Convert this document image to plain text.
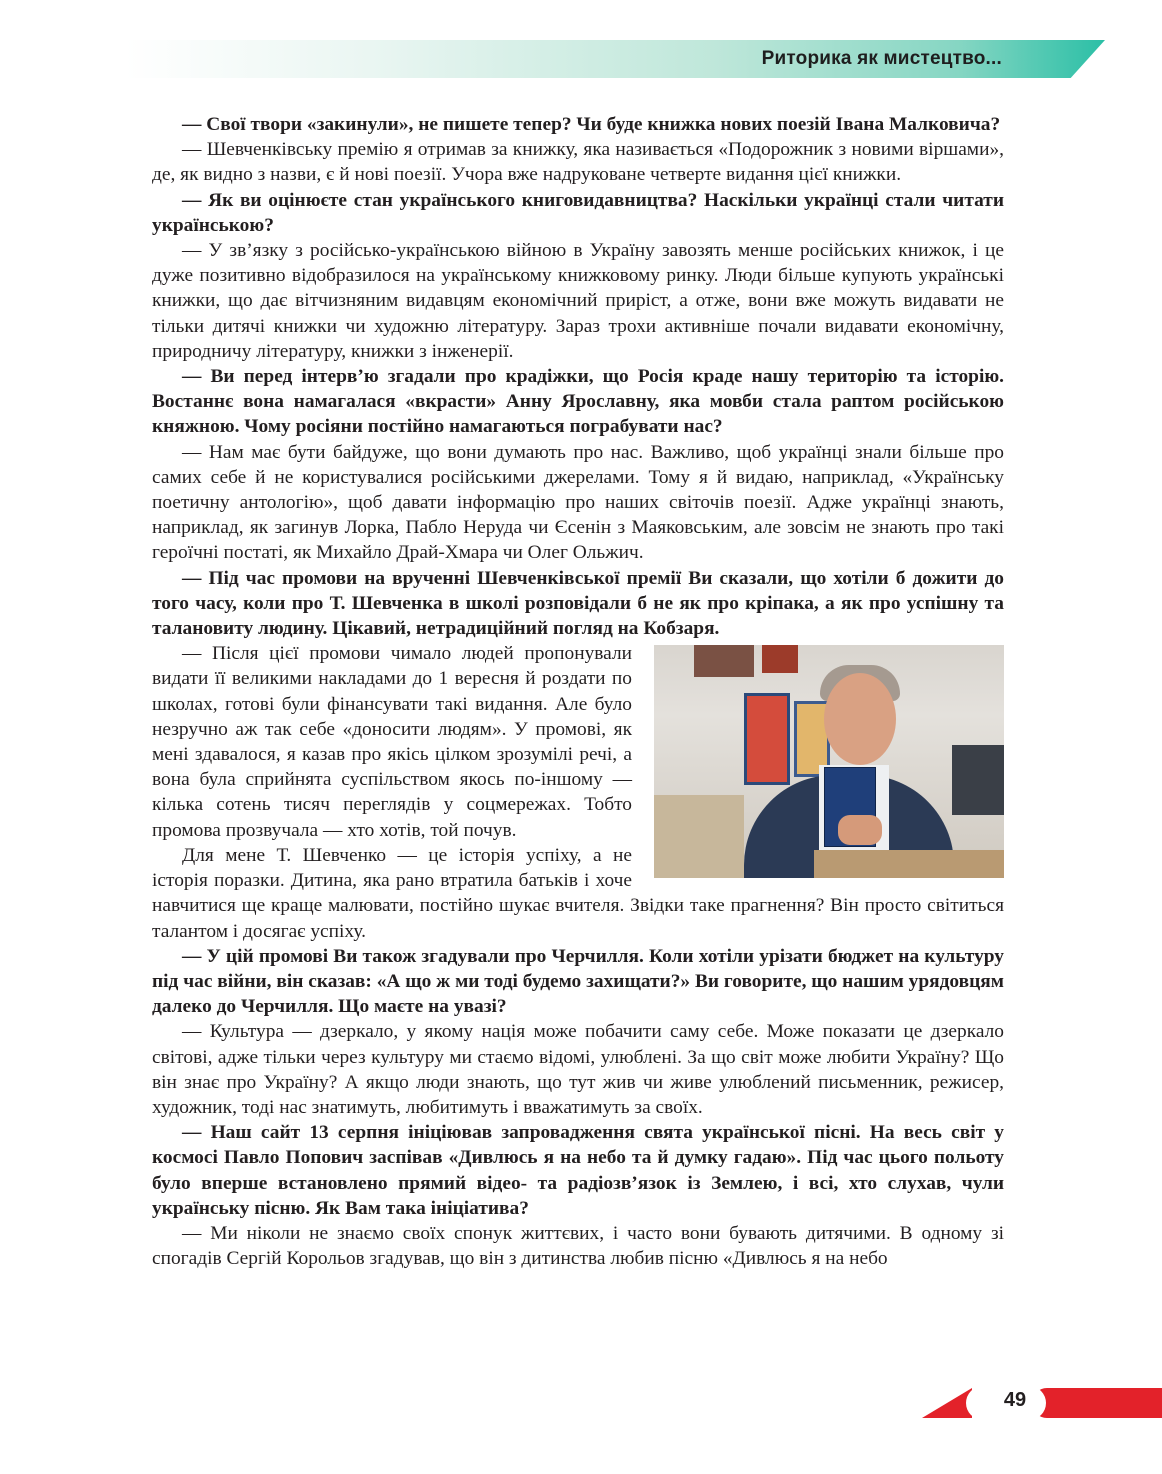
Риторика як мистецтво...

— Свої твори «закинули», не пишете тепер? Чи буде книжка нових поезій Івана Малковича?

— Шевченківську премію я отримав за книжку, яка називається «Подорожник з новими віршами», де, як видно з назви, є й нові поезії. Учора вже надруковане четверте видання цієї книжки.

— Як ви оцінюєте стан українського книговидавництва? Наскільки українці стали читати українською?

— У зв’язку з російсько-українською війною в Україну завозять менше російських книжок, і це дуже позитивно відобразилося на українському книжковому ринку. Люди більше купують українські книжки, що дає вітчизняним видавцям економічний приріст, а отже, вони вже можуть видавати не тільки дитячі книжки чи художню літературу. Зараз трохи активніше почали видавати економічну, природничу літературу, книжки з інженерії.

— Ви перед інтерв’ю згадали про крадіжки, що Росія краде нашу територію та історію. Востаннє вона намагалася «вкрасти» Анну Ярославну, яка мовби стала раптом російською княжною. Чому росіяни постійно намагаються пограбувати нас?

— Нам має бути байдуже, що вони думають про нас. Важливо, щоб українці знали більше про самих себе й не користувалися російськими джерелами. Тому я й видаю, наприклад, «Українську поетичну антологію», щоб давати інформацію про наших світочів поезії. Адже українці знають, наприклад, як загинув Лорка, Пабло Неруда чи Єсенін з Маяковським, але зовсім не знають про такі героїчні постаті, як Михайло Драй-Хмара чи Олег Ольжич.

— Під час промови на врученні Шевченківської премії Ви сказали, що хотіли б дожити до того часу, коли про Т. Шевченка в школі розповідали б не як про кріпака, а як про успішну та талановиту людину. Цікавий, нетрадиційний погляд на Кобзаря.

— Після цієї промови чимало людей пропонували видати її великими накладами до 1 вересня й роздати по школах, готові були фінансувати такі видання. Але було незручно аж так себе «доносити людям». У промові, як мені здавалося, я казав про якісь цілком зрозумілі речі, а вона була сприйнята суспільством якось по-іншому — кілька сотень тисяч переглядів у соцмережах. Тобто промова прозвучала — хто хотів, той почув.

Для мене Т. Шевченко — це історія успіху, а не історія поразки. Дитина, яка рано втратила батьків і хоче навчитися ще краще малювати, постійно шукає вчителя. Звідки таке прагнення? Він просто світиться талантом і досягає успіху.

— У цій промові Ви також згадували про Черчилля. Коли хотіли урізати бюджет на культуру під час війни, він сказав: «А що ж ми тоді будемо захищати?» Ви говорите, що нашим урядовцям далеко до Черчилля. Що маєте на увазі?

— Культура — дзеркало, у якому нація може побачити саму себе. Може показати це дзеркало світові, адже тільки через культуру ми стаємо відомі, улюблені. За що світ може любити Україну? Що він знає про Україну? А якщо люди знають, що тут жив чи живе улюблений письменник, режисер, художник, тоді нас знатимуть, любитимуть і вважатимуть за своїх.

— Наш сайт 13 серпня ініціював запровадження свята української пісні. На весь світ у космосі Павло Попович заспівав «Дивлюсь я на небо та й думку гадаю». Під час цього польоту було вперше встановлено прямий відео- та радіозв’язок із Землею, і всі, хто слухав, чули українську пісню. Як Вам така ініціатива?

— Ми ніколи не знаємо своїх спонук життєвих, і часто вони бувають дитячими. В одному зі спогадів Сергій Корольов згадував, що він з дитинства любив пісню «Дивлюсь я на небо

49
